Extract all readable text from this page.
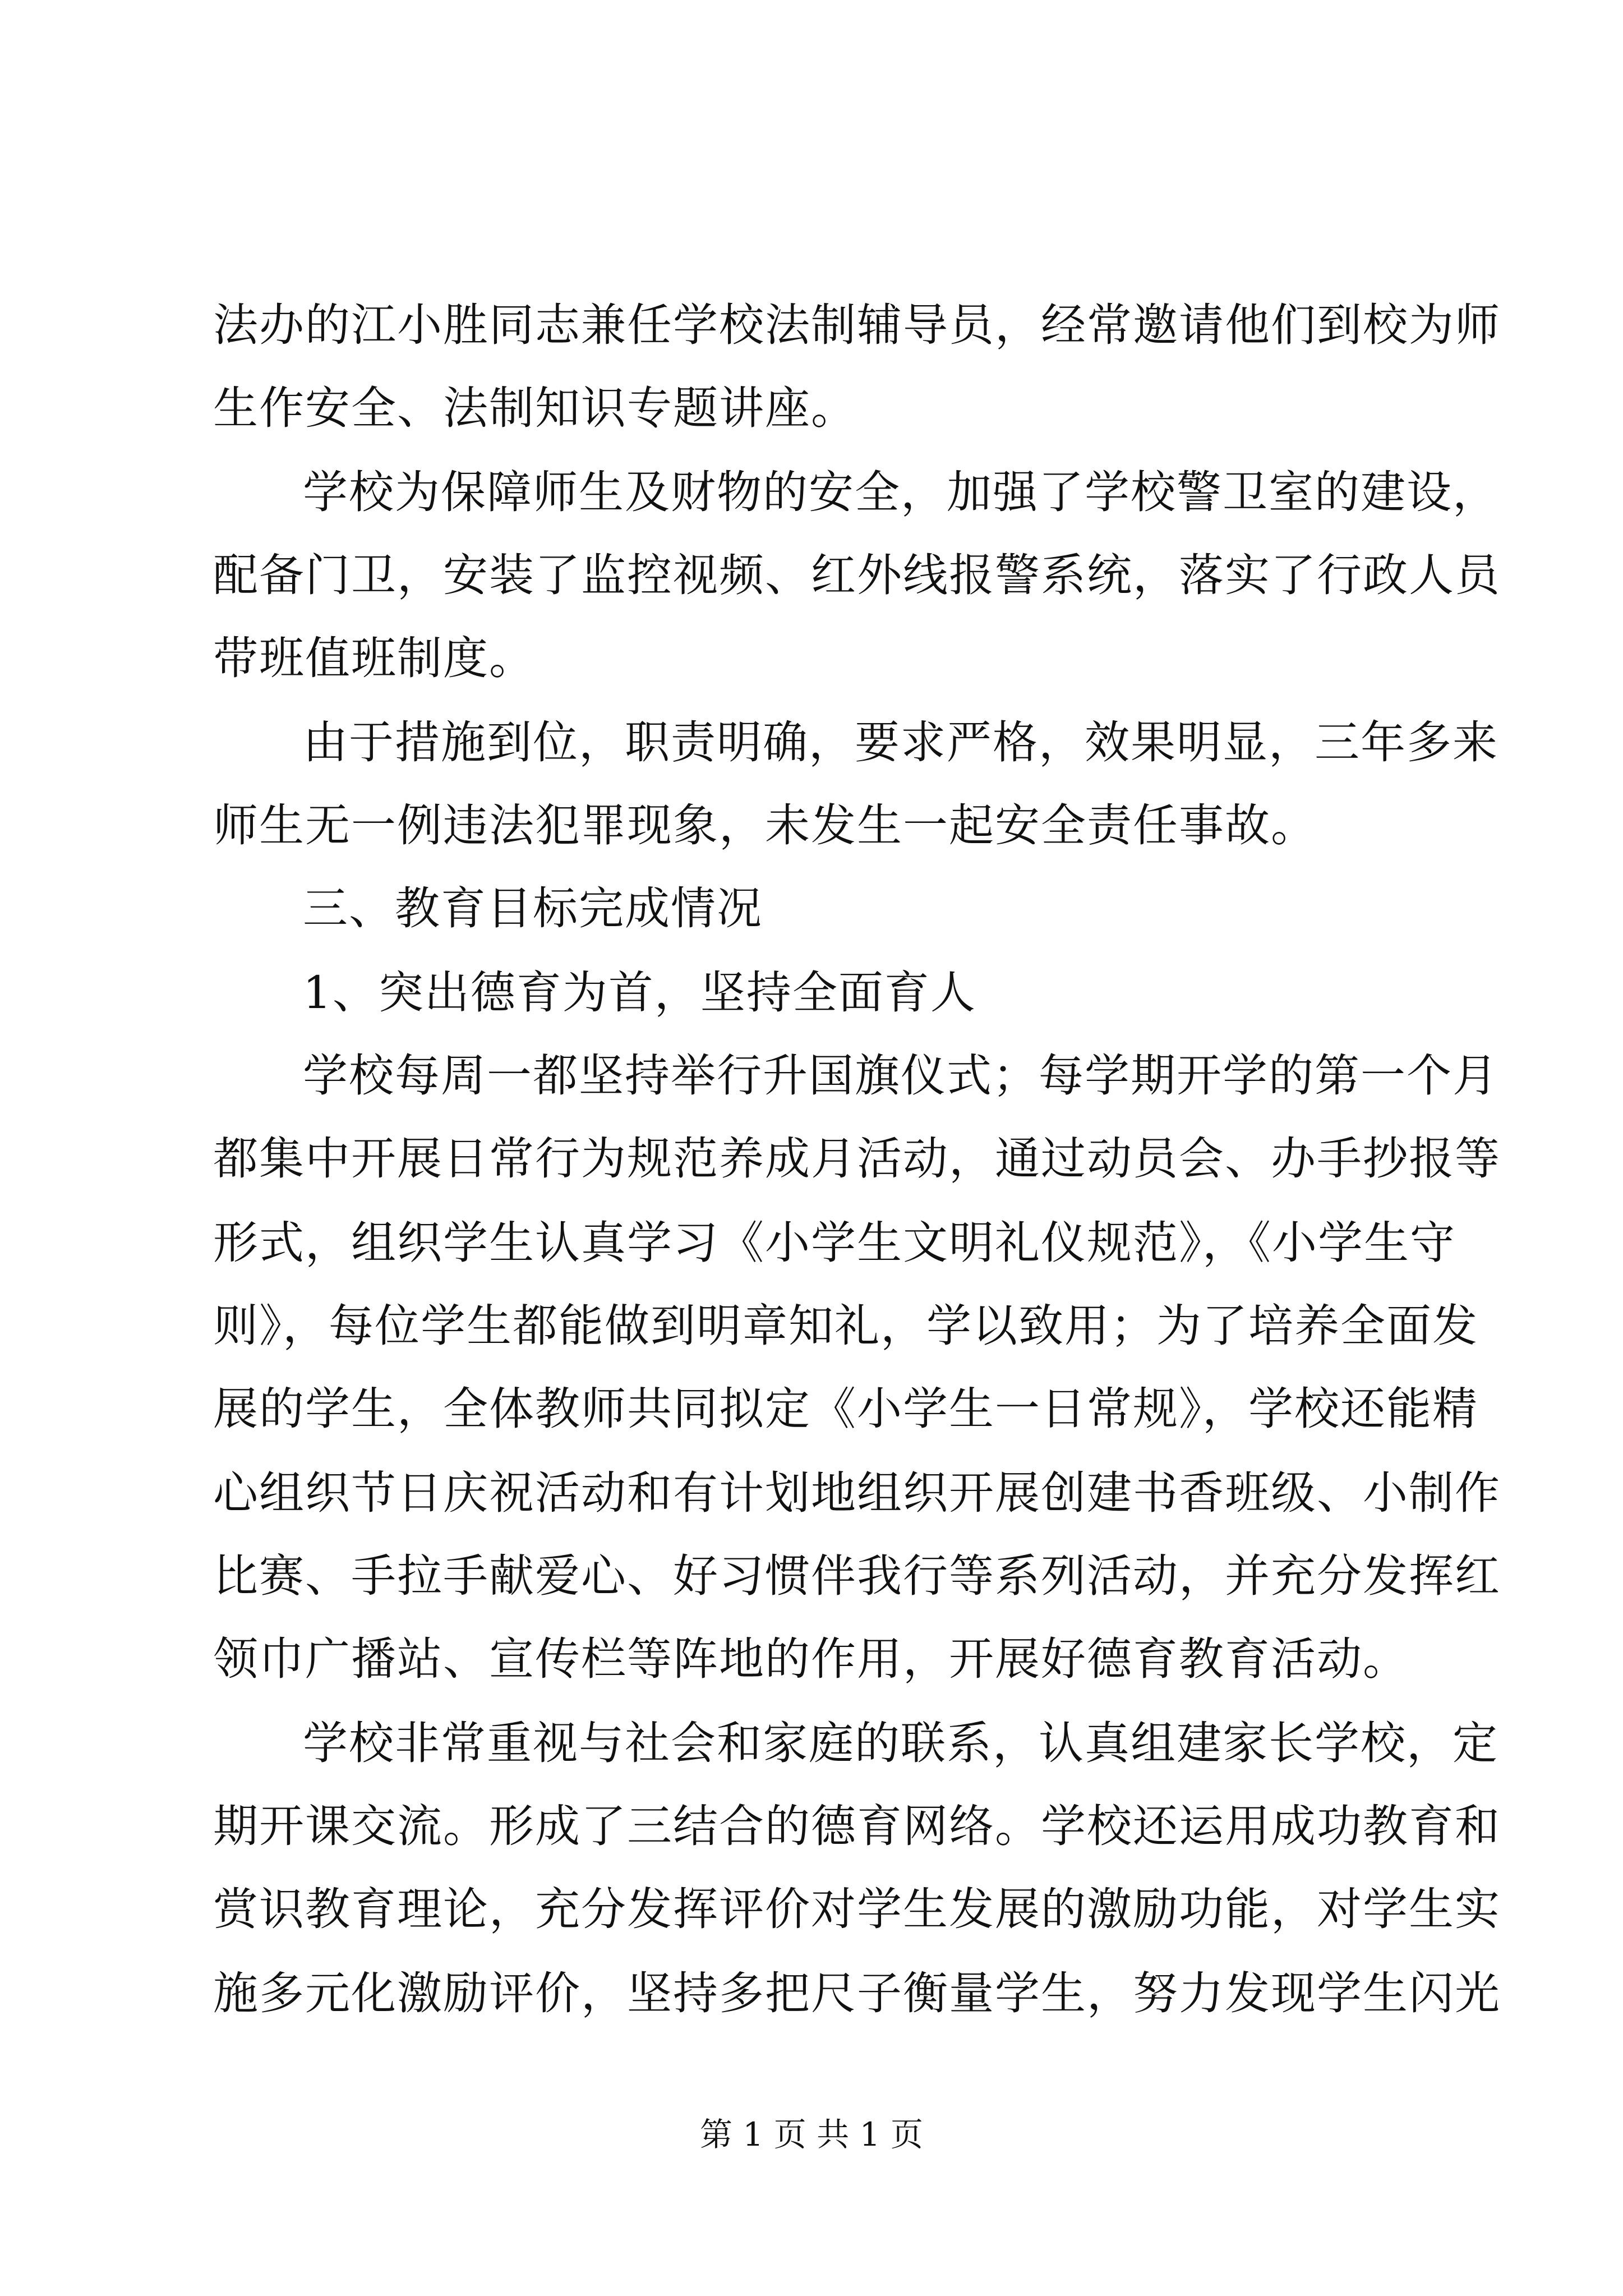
法办的江小胜同志兼任学校法制辅导员，经常邀请他们到校为师
生作安全、法制知识专题讲座。
学校为保障师生及财物的安全，加强了学校警卫室的建设，
配备门卫，安装了监控视频、红外线报警系统，落实了行政人员
带班值班制度。
由于措施到位，职责明确，要求严格，效果明显，三年多来
师生无一例违法犯罪现象，未发生一起安全责任事故。
三、教育目标完成情况
1、突出德育为首，坚持全面育人
学校每周一都坚持举行升国旗仪式；每学期开学的第一个月
都集中开展日常行为规范养成月活动，通过动员会、办手抄报等
形式，组织学生认真学习《小学生文明礼仪规范》，《小学生守
则》，每位学生都能做到明章知礼，学以致用；为了培养全面发
展的学生，全体教师共同拟定《小学生一日常规》，学校还能精
心组织节日庆祝活动和有计划地组织开展创建书香班级、小制作
比赛、手拉手献爱心、好习惯伴我行等系列活动，并充分发挥红
领巾广播站、宣传栏等阵地的作用，开展好德育教育活动。
学校非常重视与社会和家庭的联系，认真组建家长学校，定
期开课交流。形成了三结合的德育网络。学校还运用成功教育和
赏识教育理论，充分发挥评价对学生发展的激励功能，对学生实
施多元化激励评价，坚持多把尺子衡量学生，努力发现学生闪光
第 1 页 共 1 页
